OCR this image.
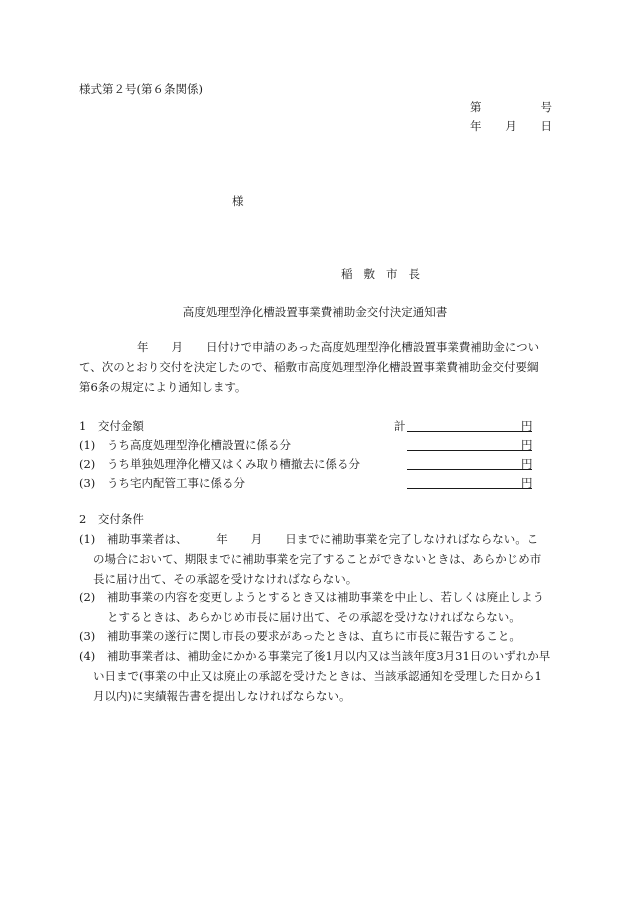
様式第２号(第６条関係)
第	号
年 月 日
様
稲 敷 市 長
高度処理型浄化槽設置事業費補助金交付決定通知書
年　　月　　日付けで申請のあった高度処理型浄化槽設置事業費補助金につい
て、次のとおり交付を決定したので、稲敷市高度処理型浄化槽設置事業費補助金交付要綱
第6条の規定により通知します。
1　交付金額	計	円
(1) うち高度処理型浄化槽設置に係る分	円
(2) うち単独処理浄化槽又はくみ取り槽撤去に係る分	円
(3) うち宅内配管工事に係る分	円
2　交付条件
(1) 補助事業者は、　　　年　　月　　日までに補助事業を完了しなければならない。こ
の場合において、期限までに補助事業を完了することができないときは、あらかじめ市
長に届け出て、その承認を受けなければならない。
(2) 補助事業の内容を変更しようとするとき又は補助事業を中止し、若しくは廃止しよう
とするときは、あらかじめ市長に届け出て、その承認を受けなければならない。
(3) 補助事業の遂行に関し市長の要求があったときは、直ちに市長に報告すること。
(4) 補助事業者は、補助金にかかる事業完了後1月以内又は当該年度3月31日のいずれか早
い日まで(事業の中止又は廃止の承認を受けたときは、当該承認通知を受理した日から1
月以内)に実績報告書を提出しなければならない。
